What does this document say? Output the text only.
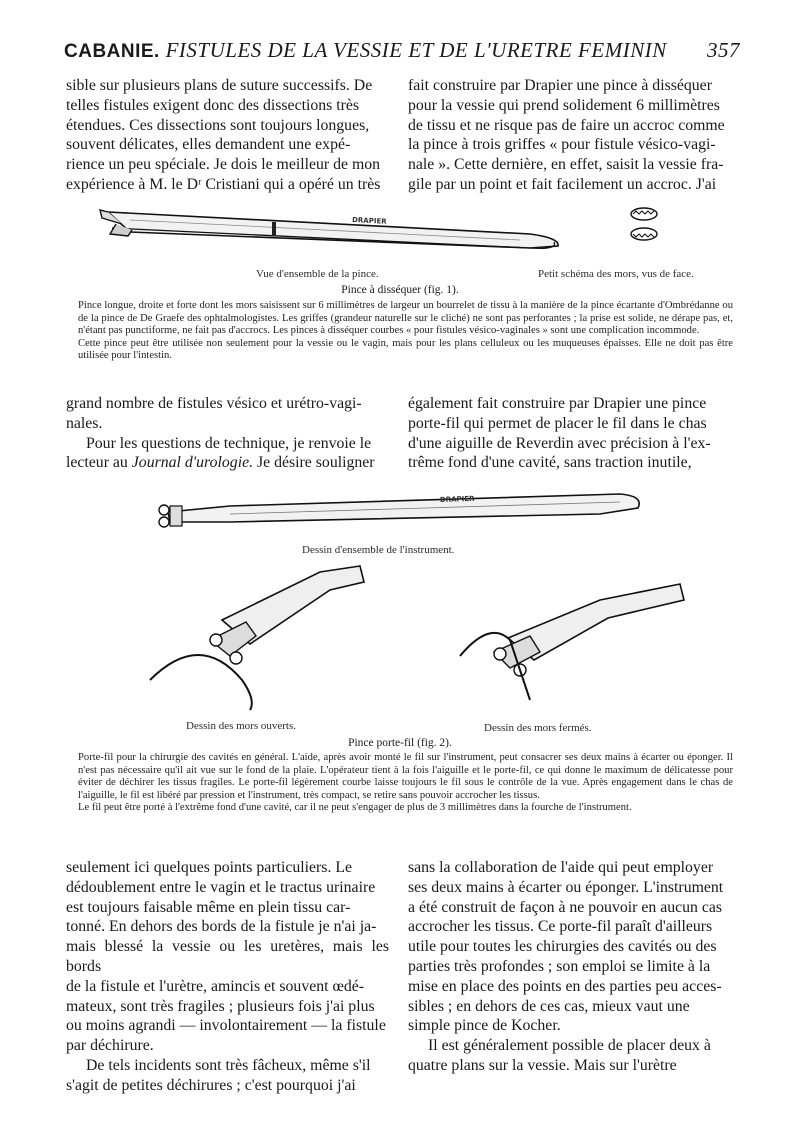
CABANIE. FISTULES DE LA VESSIE ET DE L'URETRE FEMININ 357

sible sur plusieurs plans de suture successifs. De

telles fistules exigent donc des dissections très

étendues. Ces dissections sont toujours longues,

souvent délicates, elles demandent une expé-

rience un peu spéciale. Je dois le meilleur de mon

expérience à M. le Dʳ Cristiani qui a opéré un très

fait construire par Drapier une pince à disséquer

pour la vessie qui prend solidement 6 millimètres

de tissu et ne risque pas de faire un accroc comme

la pince à trois griffes « pour fistule vésico-vagi-

nale ». Cette dernière, en effet, saisit la vessie fra-

gile par un point et fait facilement un accroc. J'ai

DRAPIER
Vue d'ensemble de la pince.	Petit schéma des mors, vus de face.
Pince à disséquer (fig. 1).

Pince longue, droite et forte dont les mors saisissent sur 6 millimètres de largeur un bourrelet de tissu à la manière de la pince écartante d'Ombrédanne ou de la pince de De Graefe des ophtalmologistes. Les griffes (grandeur naturelle sur le cliché) ne sont pas perforantes ; la prise est solide, ne dérape pas, et, n'étant pas punctiforme, ne fait pas d'accrocs. Les pinces à disséquer courbes « pour fistules vésico-vaginales » sont une complication incommode.

Cette pince peut être utilisée non seulement pour la vessie ou le vagin, mais pour les plans celluleux ou les muqueuses épaisses. Elle ne doit pas être utilisée pour l'intestin.

grand nombre de fistules vésico et urétro-vagi-

nales.

Pour les questions de technique, je renvoie le

lecteur au Journal d'urologie. Je désire souligner

également fait construire par Drapier une pince

porte-fil qui permet de placer le fil dans le chas

d'une aiguille de Reverdin avec précision à l'ex-

trême fond d'une cavité, sans traction inutile,

DRAPIER
Dessin d'ensemble de l'instrument.
Dessin des mors ouverts.	Dessin des mors fermés.
Pince porte-fil (fig. 2).

Porte-fil pour la chirurgie des cavités en général. L'aide, après avoir monté le fil sur l'instrument, peut consacrer ses deux mains à écarter ou éponger. Il n'est pas nécessaire qu'il ait vue sur le fond de la plaie. L'opérateur tient à la fois l'aiguille et le porte-fil, ce qui donne le maximum de délicatesse pour éviter de déchirer les tissus fragiles. Le porte-fil légèrement courbe laisse toujours le fil sous le contrôle de la vue. Après engagement dans le chas de l'aiguille, le fil est libéré par pression et l'instrument, très compact, se retire sans pouvoir accrocher les tissus.

Le fil peut être porté à l'extrême fond d'une cavité, car il ne peut s'engager de plus de 3 millimètres dans la fourche de l'instrument.

seulement ici quelques points particuliers. Le

dédoublement entre le vagin et le tractus urinaire

est toujours faisable même en plein tissu car-

tonné. En dehors des bords de la fistule je n'ai ja-

mais blessé la vessie ou les uretères, mais les bords

de la fistule et l'urètre, amincis et souvent œdé-

mateux, sont très fragiles ; plusieurs fois j'ai plus

ou moins agrandi — involontairement — la fistule

par déchirure.

De tels incidents sont très fâcheux, même s'il

s'agit de petites déchirures ; c'est pourquoi j'ai

sans la collaboration de l'aide qui peut employer

ses deux mains à écarter ou éponger. L'instrument

a été construit de façon à ne pouvoir en aucun cas

accrocher les tissus. Ce porte-fil paraît d'ailleurs

utile pour toutes les chirurgies des cavités ou des

parties très profondes ; son emploi se limite à la

mise en place des points en des parties peu acces-

sibles ; en dehors de ces cas, mieux vaut une

simple pince de Kocher.

Il est généralement possible de placer deux à

quatre plans sur la vessie. Mais sur l'urètre
